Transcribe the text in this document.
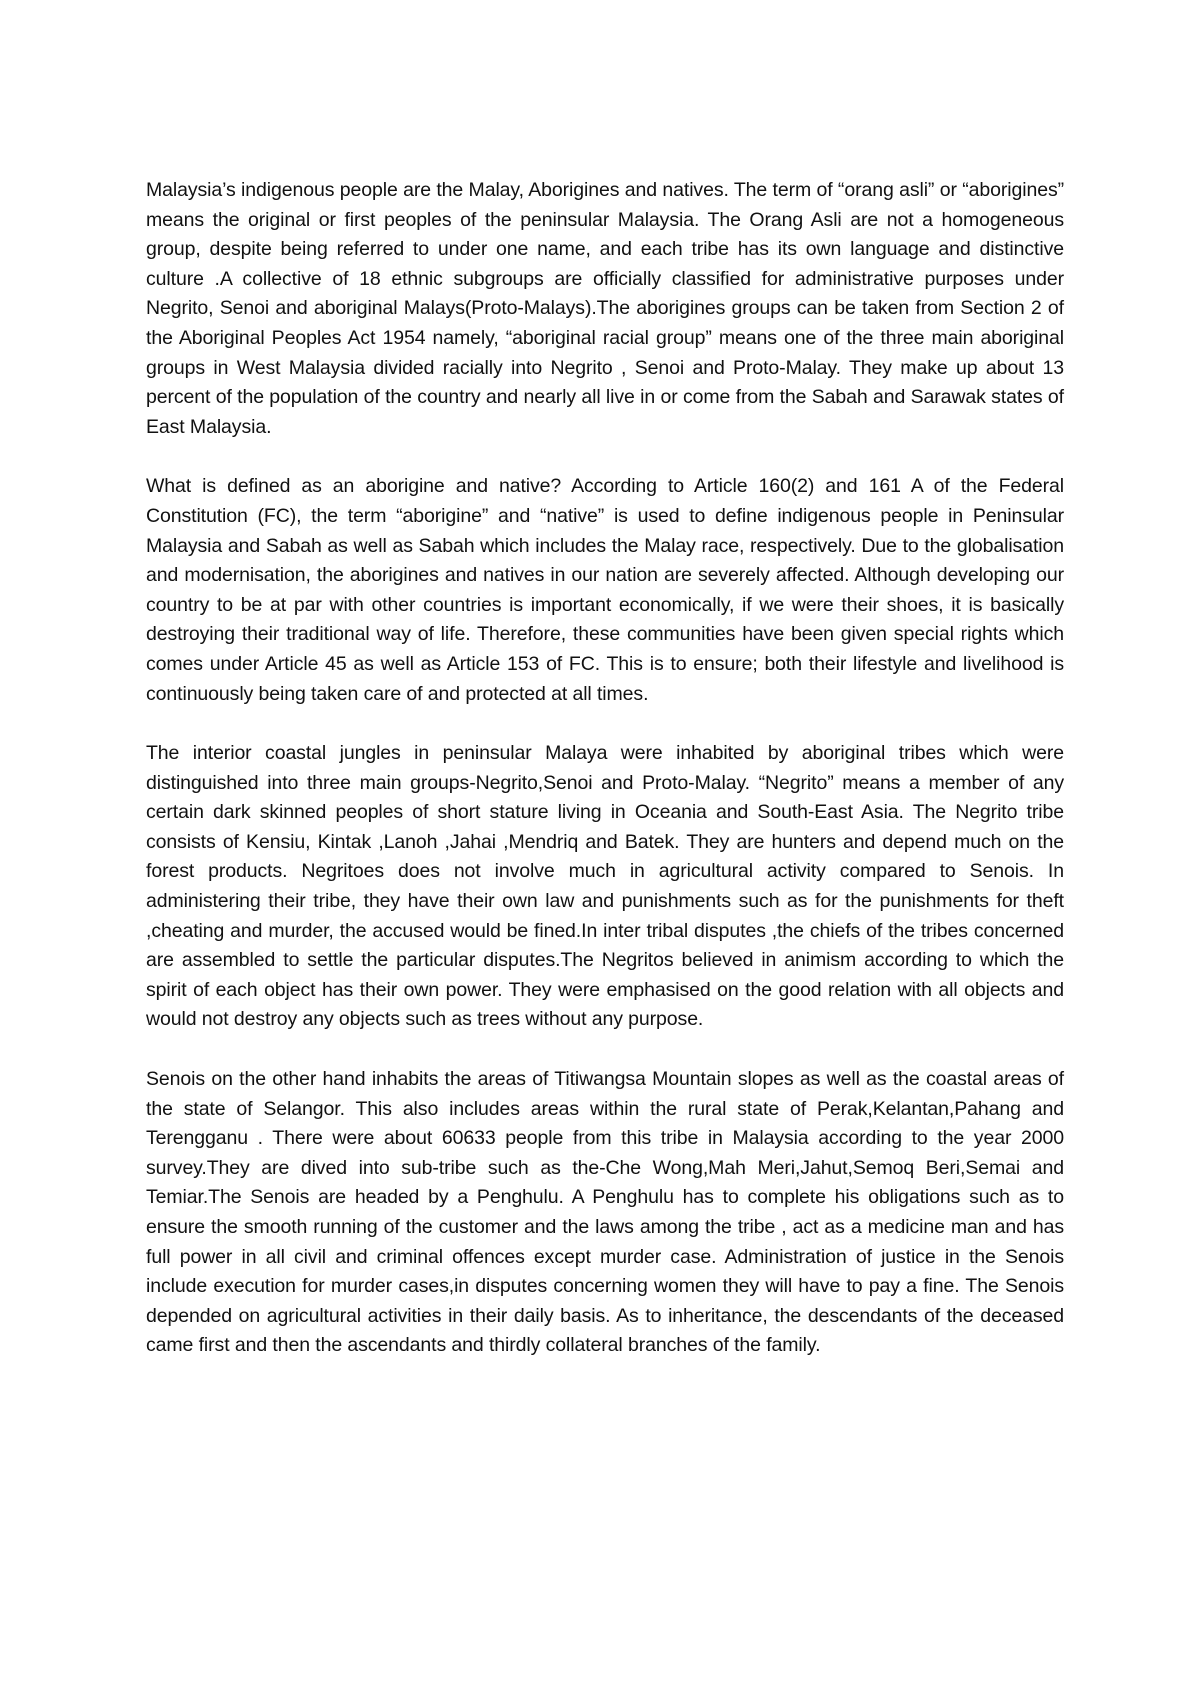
Malaysia’s indigenous people are the Malay, Aborigines and natives. The term of “orang asli” or “aborigines” means the original or first peoples of the peninsular Malaysia. The Orang Asli are not a homogeneous group, despite being referred to under one name, and each tribe has its own language and distinctive culture .A collective of 18 ethnic subgroups are officially classified for administrative purposes under Negrito, Senoi and aboriginal Malays(Proto-Malays).The aborigines groups can be taken from Section 2 of the Aboriginal Peoples Act 1954 namely, “aboriginal racial group” means one of the three main aboriginal groups in West Malaysia divided racially into Negrito , Senoi and Proto-Malay. They make up about 13 percent of the population of the country and nearly all live in or come from the Sabah and Sarawak states of East Malaysia.

What is defined as an aborigine and native? According to Article 160(2) and 161 A of the Federal Constitution (FC), the term “aborigine” and “native” is used to define indigenous people in Peninsular Malaysia and Sabah as well as Sabah which includes the Malay race, respectively. Due to the globalisation and modernisation, the aborigines and natives in our nation are severely affected. Although developing our country to be at par with other countries is important economically, if we were their shoes, it is basically destroying their traditional way of life. Therefore, these communities have been given special rights which comes under Article 45 as well as Article 153 of FC. This is to ensure; both their lifestyle and livelihood is continuously being taken care of and protected at all times.

The interior coastal jungles in peninsular Malaya were inhabited by aboriginal tribes which were distinguished into three main groups-Negrito,Senoi and Proto-Malay. “Negrito” means a member of any certain dark skinned peoples of short stature living in Oceania and South-East Asia. The Negrito tribe consists of Kensiu, Kintak ,Lanoh ,Jahai ,Mendriq and Batek. They are hunters and depend much on the forest products. Negritoes does not involve much in agricultural activity compared to Senois. In administering their tribe, they have their own law and punishments such as for the punishments for theft ,cheating and murder, the accused would be fined.In inter tribal disputes ,the chiefs of the tribes concerned are assembled to settle the particular disputes.The Negritos believed in animism according to which the spirit of each object has their own power. They were emphasised on the good relation with all objects and would not destroy any objects such as trees without any purpose.

Senois on the other hand inhabits the areas of Titiwangsa Mountain slopes as well as the coastal areas of the state of Selangor. This also includes areas within the rural state of Perak,Kelantan,Pahang and Terengganu . There were about 60633 people from this tribe in Malaysia according to the year 2000 survey.They are dived into sub-tribe such as the-Che Wong,Mah Meri,Jahut,Semoq Beri,Semai and Temiar.The Senois are headed by a Penghulu. A Penghulu has to complete his obligations such as to ensure the smooth running of the customer and the laws among the tribe , act as a medicine man and has full power in all civil and criminal offences except murder case. Administration of justice in the Senois include execution for murder cases,in disputes concerning women they will have to pay a fine. The Senois depended on agricultural activities in their daily basis. As to inheritance, the descendants of the deceased came first and then the ascendants and thirdly collateral branches of the family.
